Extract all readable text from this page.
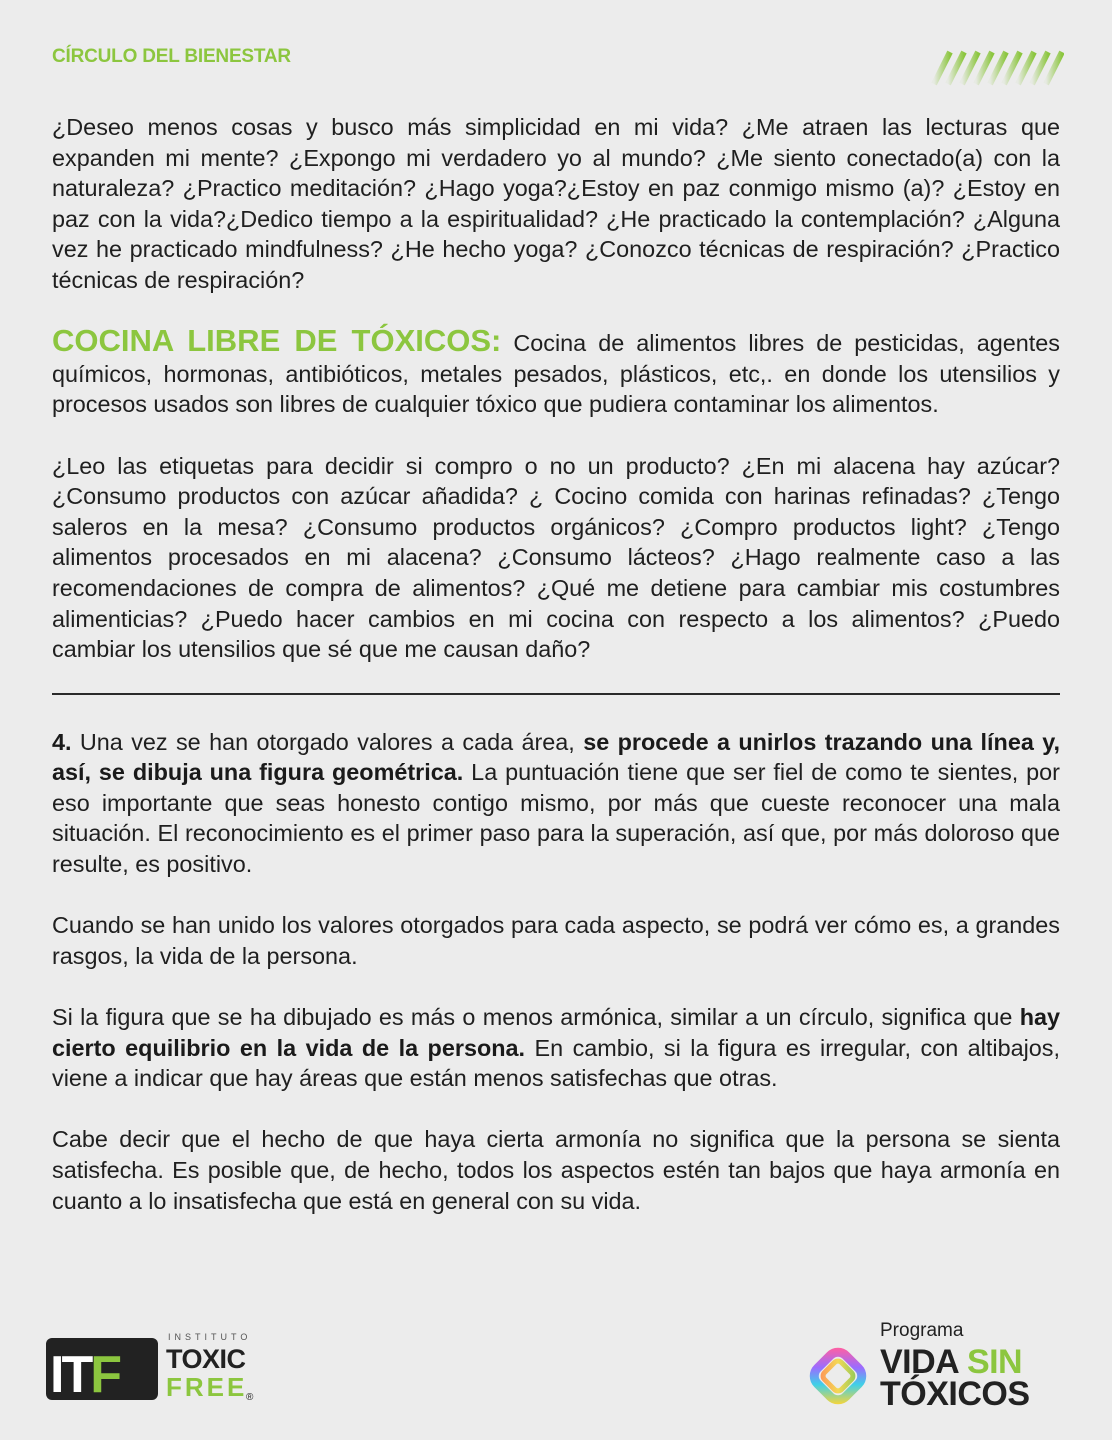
CÍRCULO DEL BIENESTAR

¿Deseo menos cosas y busco más simplicidad en mi vida? ¿Me atraen las lecturas que expanden mi mente? ¿Expongo mi verdadero yo al mundo? ¿Me siento conectado(a) con la naturaleza? ¿Practico meditación? ¿Hago yoga?¿Estoy en paz conmigo mismo (a)? ¿Estoy en paz con la vida?¿Dedico tiempo a la espiritualidad? ¿He practicado la contemplación? ¿Alguna vez he practicado mindfulness? ¿He hecho yoga? ¿Conozco técnicas de respiración? ¿Practico técnicas de respiración?

COCINA LIBRE DE TÓXICOS: Cocina de alimentos libres de pesticidas, agentes químicos, hormonas, antibióticos, metales pesados, plásticos, etc,. en donde los utensilios y procesos usados son libres de cualquier tóxico que pudiera contaminar los alimentos.

¿Leo las etiquetas para decidir si compro o no un producto? ¿En mi alacena hay azúcar? ¿Consumo productos con azúcar añadida? ¿ Cocino comida con harinas refinadas? ¿Tengo saleros en la mesa? ¿Consumo productos orgánicos? ¿Compro productos light? ¿Tengo alimentos procesados en mi alacena? ¿Consumo lácteos? ¿Hago realmente caso a las recomendaciones de compra de alimentos? ¿Qué me detiene para cambiar mis costumbres alimenticias? ¿Puedo hacer cambios en mi cocina con respecto a los alimentos? ¿Puedo cambiar los utensilios que sé que me causan daño?

4. Una vez se han otorgado valores a cada área, se procede a unirlos trazando una línea y, así, se dibuja una figura geométrica. La puntuación tiene que ser fiel de como te sientes, por eso importante que seas honesto contigo mismo, por más que cueste reconocer una mala situación. El reconocimiento es el primer paso para la superación, así que, por más doloroso que resulte, es positivo.

Cuando se han unido los valores otorgados para cada aspecto, se podrá ver cómo es, a grandes rasgos, la vida de la persona.

Si la figura que se ha dibujado es más o menos armónica, similar a un círculo, significa que hay cierto equilibrio en la vida de la persona. En cambio, si la figura es irregular, con altibajos, viene a indicar que hay áreas que están menos satisfechas que otras.

Cabe decir que el hecho de que haya cierta armonía no significa que la persona se sienta satisfecha. Es posible que, de hecho, todos los aspectos estén tan bajos que haya armonía en cuanto a lo insatisfecha que está en general con su vida.

ITF
INSTITUTO
TOXIC
FREE
®
Programa
VIDA SIN
TÓXICOS
